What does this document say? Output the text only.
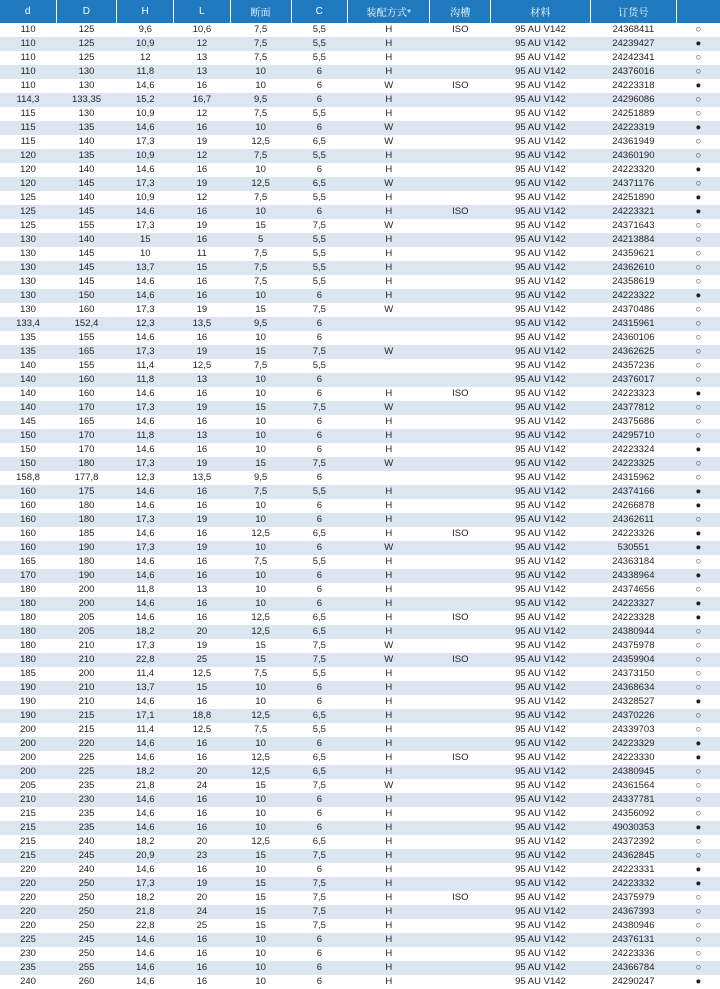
d	D	H	L	断面	C	装配方式*	沟槽	材料	订货号	
110	125	9,6	10,6	7,5	5,5	H	ISO	95 AU V142	24368411	○
110	125	10,9	12	7,5	5,5	H		95 AU V142	24239427	●
110	125	12	13	7,5	5,5	H		95 AU V142	24242341	○
110	130	11,8	13	10	6	H		95 AU V142	24376016	○
110	130	14,6	16	10	6	W	ISO	95 AU V142	24223318	●
114,3	133,35	15,2	16,7	9,5	6	H		95 AU V142	24296086	○
115	130	10,9	12	7,5	5,5	H		95 AU V142	24251889	○
115	135	14,6	16	10	6	W		95 AU V142	24223319	●
115	140	17,3	19	12,5	6,5	W		95 AU V142	24361949	○
120	135	10,9	12	7,5	5,5	H		95 AU V142	24360190	○
120	140	14,6	16	10	6	H		95 AU V142	24223320	●
120	145	17,3	19	12,5	6,5	W		95 AU V142	24371176	○
125	140	10,9	12	7,5	5,5	H		95 AU V142	24251890	●
125	145	14,6	16	10	6	H	ISO	95 AU V142	24223321	●
125	155	17,3	19	15	7,5	W		95 AU V142	24371643	○
130	140	15	16	5	5,5	H		95 AU V142	24213884	○
130	145	10	11	7,5	5,5	H		95 AU V142	24359621	○
130	145	13,7	15	7,5	5,5	H		95 AU V142	24362610	○
130	145	14,6	16	7,5	5,5	H		95 AU V142	24358619	○
130	150	14,6	16	10	6	H		95 AU V142	24223322	●
130	160	17,3	19	15	7,5	W		95 AU V142	24370486	○
133,4	152,4	12,3	13,5	9,5	6			95 AU V142	24315961	○
135	155	14,6	16	10	6			95 AU V142	24360106	○
135	165	17,3	19	15	7,5	W		95 AU V142	24362625	○
140	155	11,4	12,5	7,5	5,5			95 AU V142	24357236	○
140	160	11,8	13	10	6			95 AU V142	24376017	○
140	160	14,6	16	10	6	H	ISO	95 AU V142	24223323	●
140	170	17,3	19	15	7,5	W		95 AU V142	24377812	○
145	165	14,6	16	10	6	H		95 AU V142	24375686	○
150	170	11,8	13	10	6	H		95 AU V142	24295710	○
150	170	14,6	16	10	6	H		95 AU V142	24223324	●
150	180	17,3	19	15	7,5	W		95 AU V142	24223325	○
158,8	177,8	12,3	13,5	9,5	6			95 AU V142	24315962	○
160	175	14,6	16	7,5	5,5	H		95 AU V142	24374166	●
160	180	14,6	16	10	6	H		95 AU V142	24266878	●
160	180	17,3	19	10	6	H		95 AU V142	24362611	○
160	185	14,6	16	12,5	6,5	H	ISO	95 AU V142	24223326	●
160	190	17,3	19	10	6	W		95 AU V142	530551	●
165	180	14,6	16	7,5	5,5	H		95 AU V142	24363184	○
170	190	14,6	16	10	6	H		95 AU V142	24338964	●
180	200	11,8	13	10	6	H		95 AU V142	24374656	○
180	200	14,6	16	10	6	H		95 AU V142	24223327	●
180	205	14,6	16	12,5	6,5	H	ISO	95 AU V142	24223328	●
180	205	18,2	20	12,5	6,5	H		95 AU V142	24380944	○
180	210	17,3	19	15	7,5	W		95 AU V142	24375978	○
180	210	22,8	25	15	7,5	W	ISO	95 AU V142	24359904	○
185	200	11,4	12,5	7,5	5,5	H		95 AU V142	24373150	○
190	210	13,7	15	10	6	H		95 AU V142	24368634	○
190	210	14,6	16	10	6	H		95 AU V142	24328527	●
190	215	17,1	18,8	12,5	6,5	H		95 AU V142	24370226	○
200	215	11,4	12,5	7,5	5,5	H		95 AU V142	24339703	○
200	220	14,6	16	10	6	H		95 AU V142	24223329	●
200	225	14,6	16	12,5	6,5	H	ISO	95 AU V142	24223330	●
200	225	18,2	20	12,5	6,5	H		95 AU V142	24380945	○
205	235	21,8	24	15	7,5	W		95 AU V142	24361564	○
210	230	14,6	16	10	6	H		95 AU V142	24337781	○
215	235	14,6	16	10	6	H		95 AU V142	24356092	○
215	235	14,6	16	10	6	H		95 AU V142	49030353	●
215	240	18,2	20	12,5	6,5	H		95 AU V142	24372392	○
215	245	20,9	23	15	7,5	H		95 AU V142	24362845	○
220	240	14,6	16	10	6	H		95 AU V142	24223331	●
220	250	17,3	19	15	7,5	H		95 AU V142	24223332	●
220	250	18,2	20	15	7,5	H	ISO	95 AU V142	24375979	○
220	250	21,8	24	15	7,5	H		95 AU V142	24367393	○
220	250	22,8	25	15	7,5	H		95 AU V142	24380946	○
225	245	14,6	16	10	6	H		95 AU V142	24376131	○
230	250	14,6	16	10	6	H		95 AU V142	24223336	○
235	255	14,6	16	10	6	H		95 AU V142	24366784	○
240	260	14,6	16	10	6	H		95 AU V142	24290247	●
